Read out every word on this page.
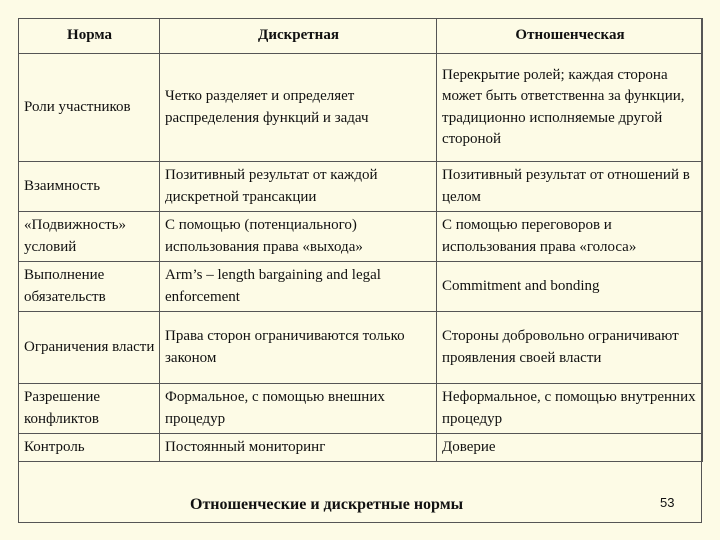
Норма	Дискретная	Отношенческая
Роли участников	Четко разделяет и определяет распределения функций и задач	Перекрытие ролей; каждая сторона может быть ответственна за функции, традиционно исполняемые другой стороной
Взаимность	Позитивный результат от каждой дискретной трансакции	Позитивный результат от отношений в целом
«Подвижность» условий	С помощью (потенциального) использования права «выхода»	С помощью переговоров и использования права «голоса»
Выполнение обязательств	Arm’s – length bargaining and legal enforcement	Commitment and bonding
Ограничения власти	Права сторон ограничиваются только законом	Стороны добровольно ограничивают проявления своей власти
Разрешение конфликтов	Формальное, с помощью внешних процедур	Неформальное, с помощью внутренних процедур
Контроль	Постоянный мониторинг	Доверие
Отношенческие и дискретные нормы	53
